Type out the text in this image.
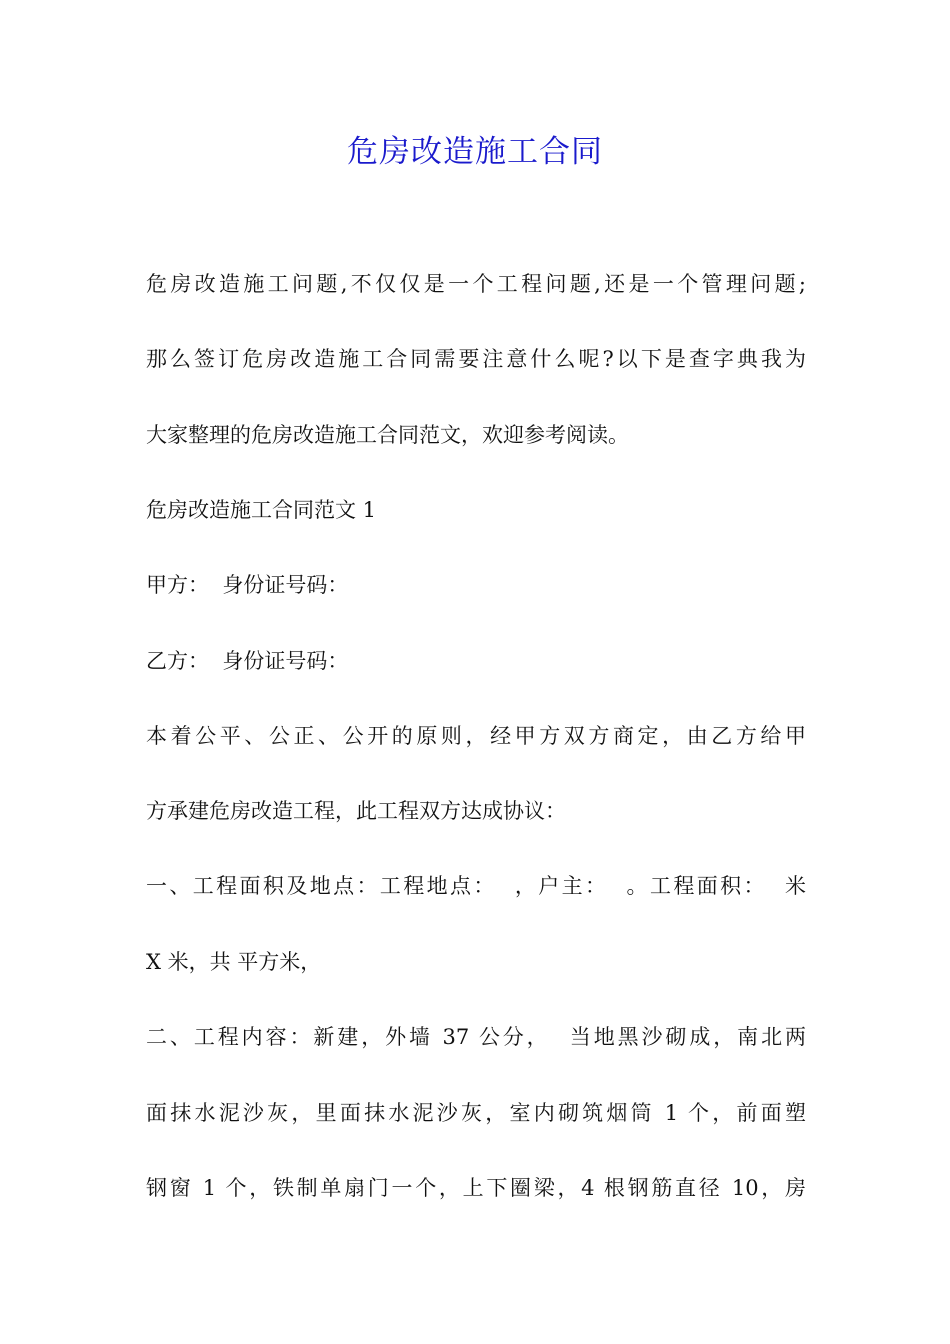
危房改造施工合同

危房改造施工问题,不仅仅是一个工程问题,还是一个管理问题;

那么签订危房改造施工合同需要注意什么呢?以下是查字典我为

大家整理的危房改造施工合同范文，欢迎参考阅读。

危房改造施工合同范文 1

甲方：  身份证号码：

乙方：  身份证号码：

本着公平、公正、公开的原则，经甲方双方商定，由乙方给甲

方承建危房改造工程，此工程双方达成协议：

一、工程面积及地点：工程地点：  ，户主：  。工程面积：  米

X 米，共 平方米，

二、工程内容：新建，外墙 37 公分，  当地黑沙砌成，南北两

面抹水泥沙灰，里面抹水泥沙灰，室内砌筑烟筒 1 个，前面塑

钢窗 1 个，铁制单扇门一个，上下圈梁，4 根钢筋直径 10，房
